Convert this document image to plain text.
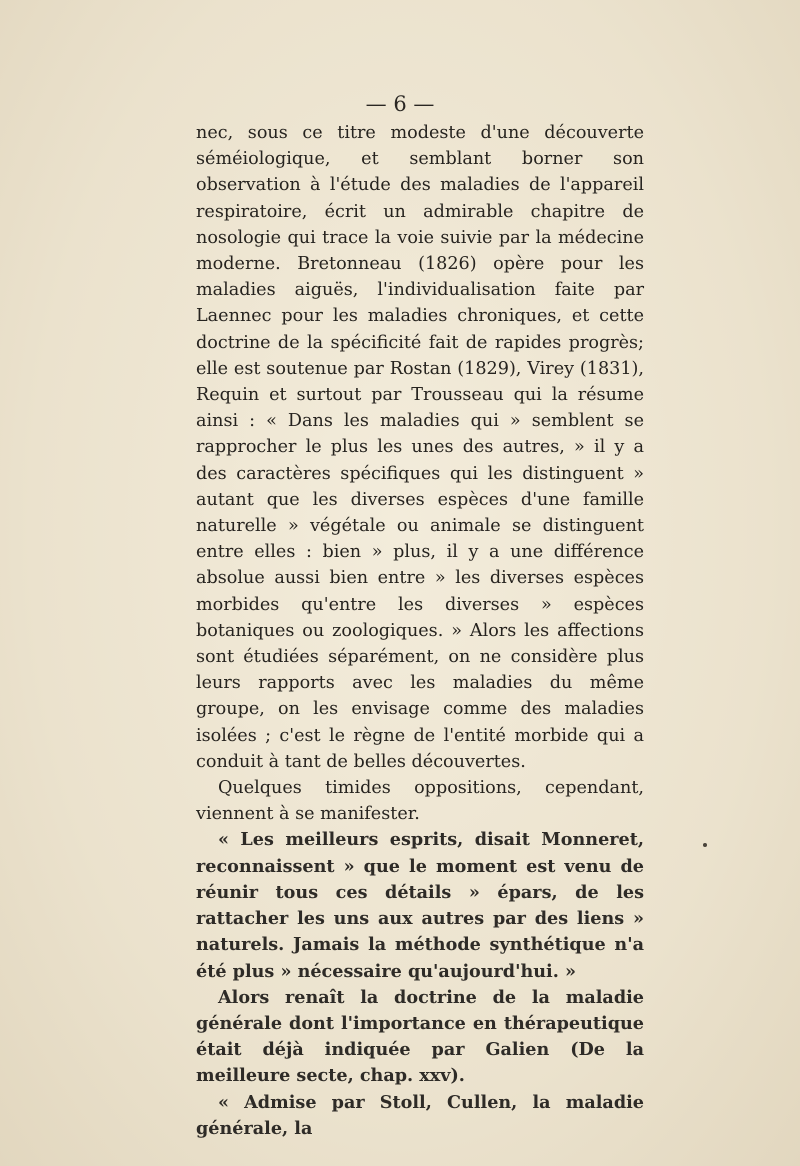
— 6 —

nec, sous ce titre modeste d'une découverte séméiologique, et semblant borner son observation à l'étude des maladies de l'appareil respiratoire, écrit un admirable chapitre de nosologie qui trace la voie suivie par la médecine moderne. Bretonneau (1826) opère pour les maladies aiguës, l'individualisation faite par Laennec pour les maladies chroniques, et cette doctrine de la spécificité fait de rapides progrès; elle est soutenue par Rostan (1829), Virey (1831), Requin et surtout par Trousseau qui la résume ainsi : « Dans les maladies qui » semblent se rapprocher le plus les unes des autres, » il y a des caractères spécifiques qui les distinguent » autant que les diverses espèces d'une famille naturelle » végétale ou animale se distinguent entre elles : bien » plus, il y a une différence absolue aussi bien entre » les diverses espèces morbides qu'entre les diverses » espèces botaniques ou zoologiques. » Alors les affections sont étudiées séparément, on ne considère plus leurs rapports avec les maladies du même groupe, on les envisage comme des maladies isolées ; c'est le règne de l'entité morbide qui a conduit à tant de belles découvertes.

Quelques timides oppositions, cependant, viennent à se manifester.

« Les meilleurs esprits, disait Monneret, reconnaissent » que le moment est venu de réunir tous ces détails » épars, de les rattacher les uns aux autres par des liens » naturels. Jamais la méthode synthétique n'a été plus » nécessaire qu'aujourd'hui. »

Alors renaît la doctrine de la maladie générale dont l'importance en thérapeutique était déjà indiquée par Galien (De la meilleure secte, chap. xxv).

« Admise par Stoll, Cullen, la maladie générale, la
